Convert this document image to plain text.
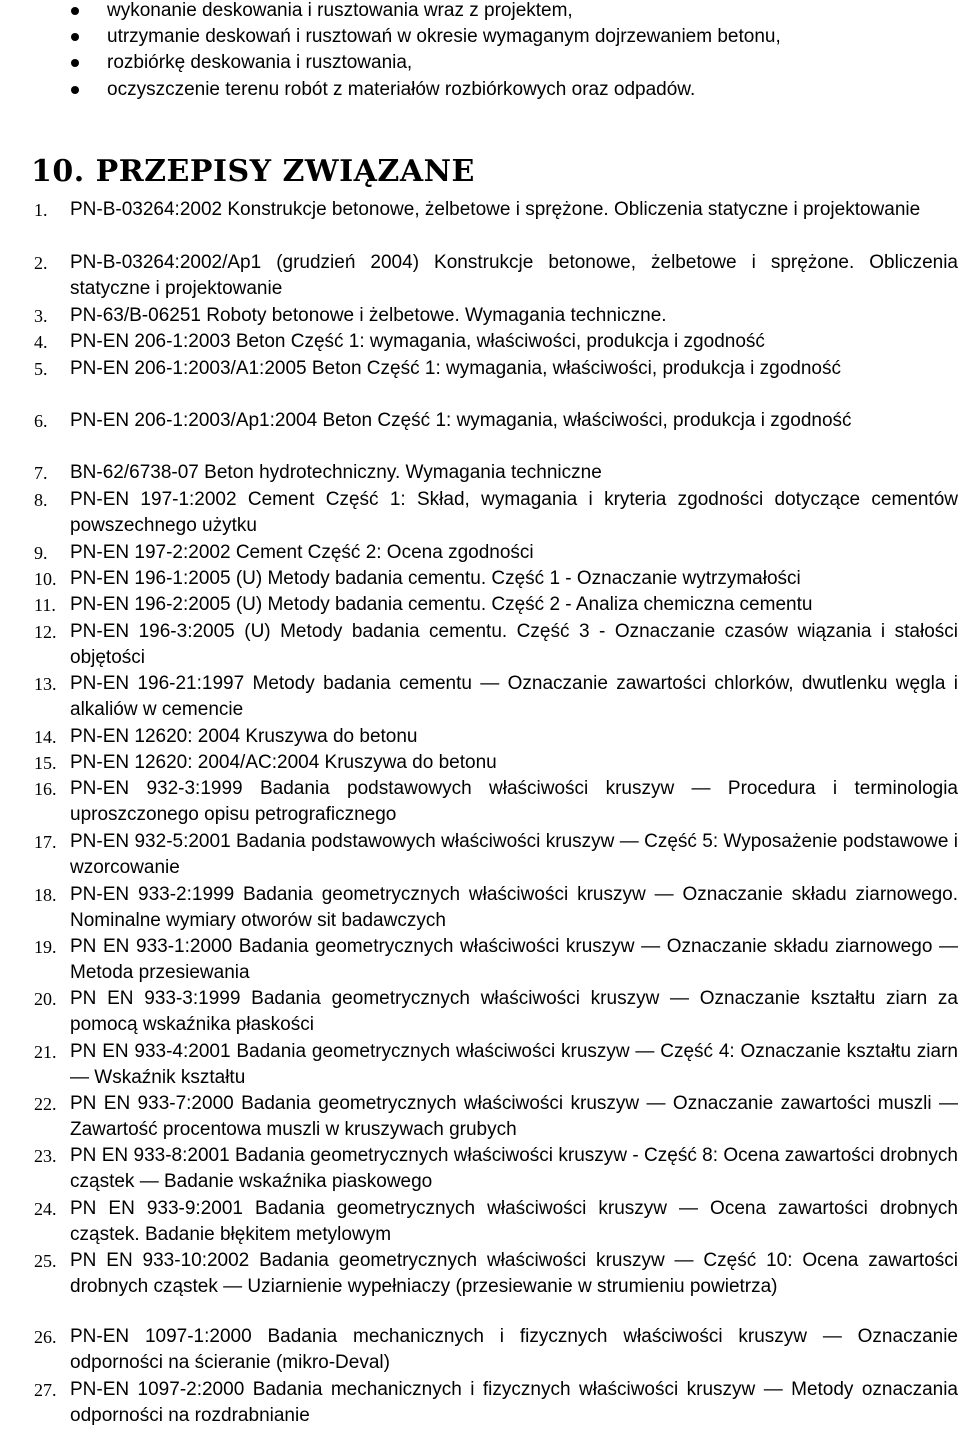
wykonanie deskowania i rusztowania wraz z projektem,
utrzymanie deskowań i rusztowań w okresie wymaganym dojrzewaniem betonu,
rozbiórkę deskowania i rusztowania,
oczyszczenie terenu robót z materiałów rozbiórkowych oraz odpadów.
10. PRZEPISY ZWIĄZANE
1.	PN-B-03264:2002 Konstrukcje betonowe, żelbetowe i sprężone. Obliczenia statyczne i projektowanie
2.	PN-B-03264:2002/Ap1 (grudzień 2004) Konstrukcje betonowe, żelbetowe i sprężone. Obliczenia statyczne i projektowanie
3.	PN-63/B-06251 Roboty betonowe i żelbetowe. Wymagania techniczne.
4.	PN-EN 206-1:2003 Beton Część 1: wymagania, właściwości, produkcja i zgodność
5.	PN-EN 206-1:2003/A1:2005 Beton Część 1: wymagania, właściwości, produkcja i zgodność
6.	PN-EN 206-1:2003/Ap1:2004 Beton Część 1: wymagania, właściwości, produkcja i zgodność
7.	BN-62/6738-07 Beton hydrotechniczny. Wymagania techniczne
8.	PN-EN 197-1:2002 Cement Część 1: Skład, wymagania i kryteria zgodności dotyczące cementów powszechnego użytku
9.	PN-EN 197-2:2002 Cement Część 2: Ocena zgodności
10. PN-EN 196-1:2005 (U) Metody badania cementu. Część 1 - Oznaczanie wytrzymałości
11. PN-EN 196-2:2005 (U) Metody badania cementu. Część 2 - Analiza chemiczna cementu
12. PN-EN 196-3:2005 (U) Metody badania cementu. Część 3 - Oznaczanie czasów wiązania i stałości objętości
13. PN-EN 196-21:1997 Metody badania cementu — Oznaczanie zawartości chlorków, dwutlenku węgla i alkaliów w cemencie
14. PN-EN 12620: 2004 Kruszywa do betonu
15. PN-EN 12620: 2004/AC:2004 Kruszywa do betonu
16. PN-EN 932-3:1999 Badania podstawowych właściwości kruszyw — Procedura i terminologia uproszczonego opisu petrograficznego
17. PN-EN 932-5:2001 Badania podstawowych właściwości kruszyw — Część 5: Wyposażenie podstawowe i wzorcowanie
18. PN-EN 933-2:1999 Badania geometrycznych właściwości kruszyw — Oznaczanie składu ziarnowego. Nominalne wymiary otworów sit badawczych
19. PN EN 933-1:2000 Badania geometrycznych właściwości kruszyw — Oznaczanie składu ziarnowego — Metoda przesiewania
20. PN EN 933-3:1999 Badania geometrycznych właściwości kruszyw — Oznaczanie kształtu ziarn za pomocą wskaźnika płaskości
21. PN EN 933-4:2001 Badania geometrycznych właściwości kruszyw — Część 4: Oznaczanie kształtu ziarn — Wskaźnik kształtu
22. PN EN 933-7:2000 Badania geometrycznych właściwości kruszyw — Oznaczanie zawartości muszli — Zawartość procentowa muszli w kruszywach grubych
23. PN EN 933-8:2001 Badania geometrycznych właściwości kruszyw - Część 8: Ocena zawartości drobnych cząstek — Badanie wskaźnika piaskowego
24. PN EN 933-9:2001 Badania geometrycznych właściwości kruszyw — Ocena zawartości drobnych cząstek. Badanie błękitem metylowym
25. PN EN 933-10:2002 Badania geometrycznych właściwości kruszyw — Część 10: Ocena zawartości drobnych cząstek — Uziarnienie wypełniaczy (przesiewanie w strumieniu powietrza)
26. PN-EN 1097-1:2000 Badania mechanicznych i fizycznych właściwości kruszyw — Oznaczanie odporności na ścieranie (mikro-Deval)
27. PN-EN 1097-2:2000 Badania mechanicznych i fizycznych właściwości kruszyw — Metody oznaczania odporności na rozdrabnianie
